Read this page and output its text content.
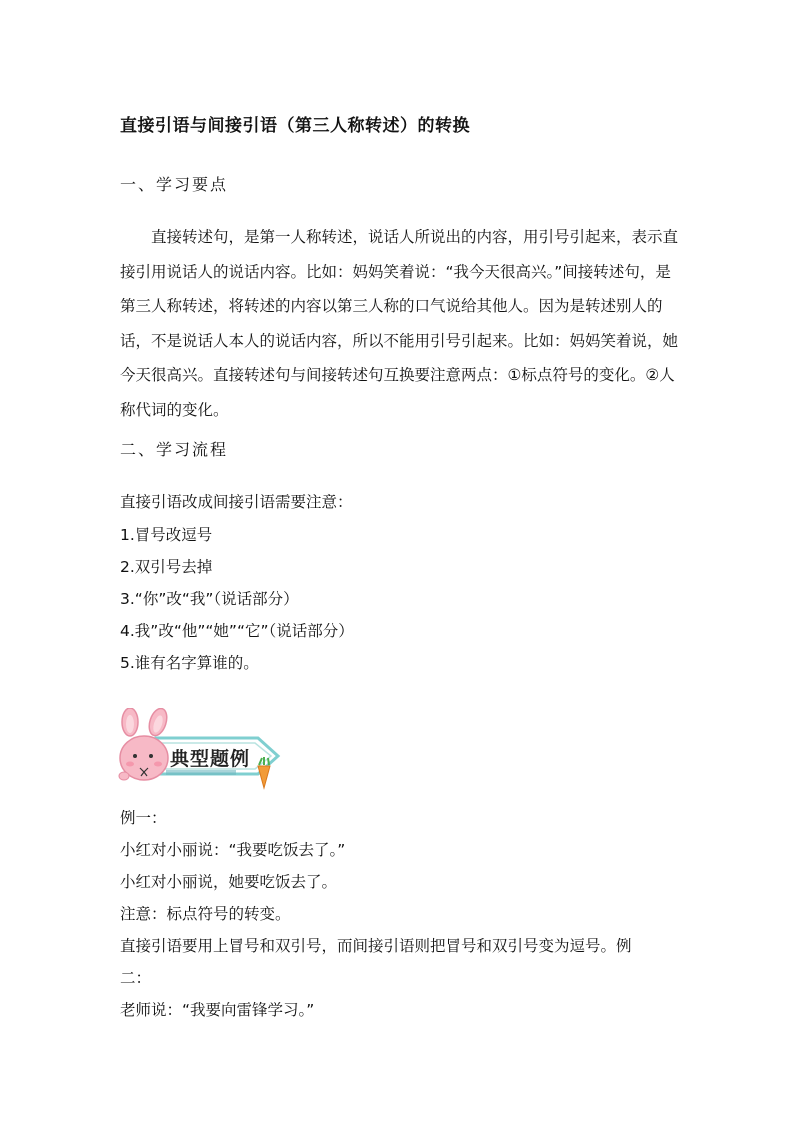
直接引语与间接引语（第三人称转述）的转换
一、学习要点
直接转述句，是第一人称转述，说话人所说出的内容，用引号引起来，表示直接引用说话人的说话内容。比如：妈妈笑着说：“我今天很高兴。”间接转述句，是第三人称转述，将转述的内容以第三人称的口气说给其他人。因为是转述别人的话，不是说话人本人的说话内容，所以不能用引号引起来。比如：妈妈笑着说，她今天很高兴。直接转述句与间接转述句互换要注意两点：①标点符号的变化。②人称代词的变化。
二、学习流程
直接引语改成间接引语需要注意：
1.冒号改逗号
2.双引号去掉
3.“你”改“我”（说话部分）
4.我”改“他”“她”“它”（说话部分）
5.谁有名字算谁的。
典型题例
例一：
小红对小丽说：“我要吃饭去了。”
小红对小丽说，她要吃饭去了。
注意：标点符号的转变。
直接引语要用上冒号和双引号，而间接引语则把冒号和双引号变为逗号。例
二：
老师说：“我要向雷锋学习。”
